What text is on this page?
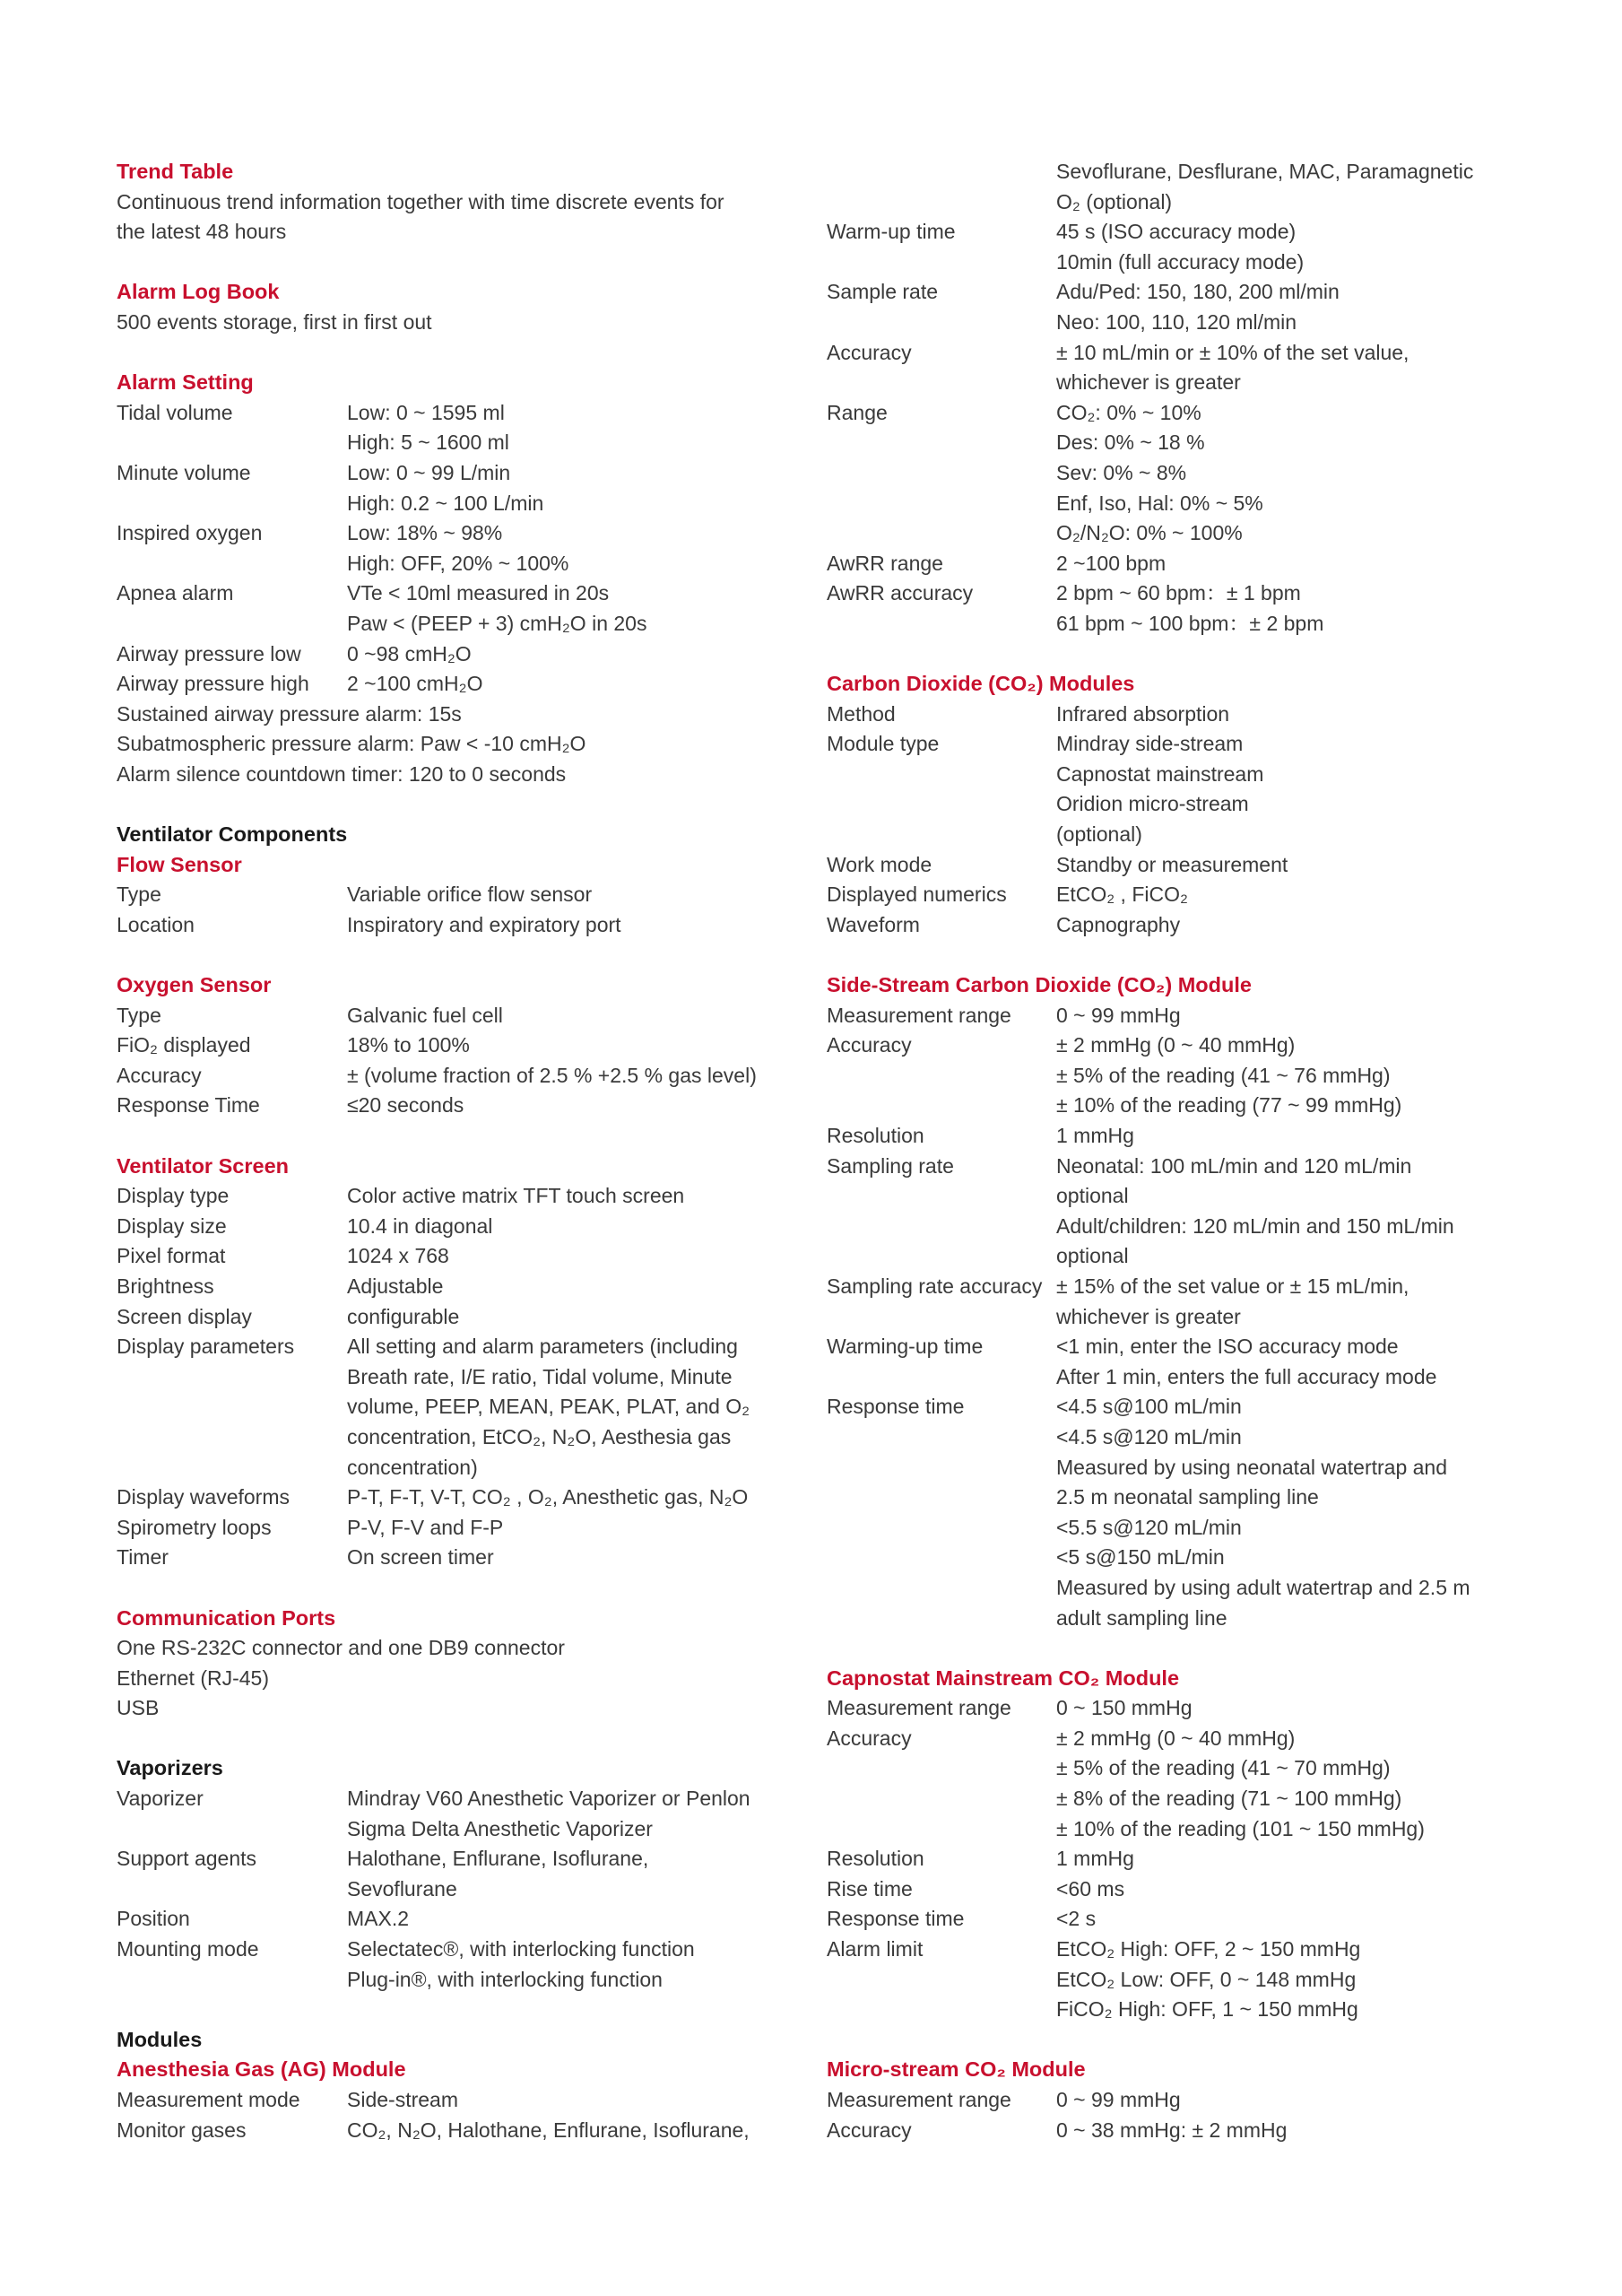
Trend Table
Continuous trend information together with time discrete events for
the latest 48 hours
Alarm Log Book
500 events storage, first in first out
Alarm Setting
Tidal volume	Low: 0 ~ 1595 ml
High: 5 ~ 1600 ml
Minute volume	Low: 0 ~ 99 L/min
High: 0.2 ~ 100 L/min
Inspired oxygen	Low: 18% ~ 98%
High: OFF, 20% ~ 100%
Apnea alarm	VTe < 10ml measured in 20s
Paw < (PEEP + 3) cmH₂O in 20s
Airway pressure low	0 ~98 cmH₂O
Airway pressure high	2 ~100 cmH₂O
Sustained airway pressure alarm: 15s
Subatmospheric pressure alarm: Paw < -10 cmH₂O
Alarm silence countdown timer: 120 to 0 seconds
Ventilator Components
Flow Sensor
Type	Variable orifice flow sensor
Location	Inspiratory and expiratory port
Oxygen Sensor
Type	Galvanic fuel cell
FiO₂ displayed	18% to 100%
Accuracy	± (volume fraction of 2.5 % +2.5 % gas level)
Response Time	≤20 seconds
Ventilator Screen
Display type	Color active matrix TFT touch screen
Display size	10.4 in diagonal
Pixel format	1024 x 768
Brightness	Adjustable
Screen display	configurable
Display parameters	All setting and alarm parameters (including
Breath rate, I/E ratio, Tidal volume, Minute
volume, PEEP, MEAN, PEAK, PLAT, and O₂
concentration, EtCO₂, N₂O, Aesthesia gas
concentration)
Display waveforms	P-T, F-T, V-T, CO₂ , O₂, Anesthetic gas, N₂O
Spirometry loops	P-V, F-V and F-P
Timer	On screen timer
Communication Ports
One RS-232C connector and one DB9 connector
Ethernet (RJ-45)
USB
Vaporizers
Vaporizer	Mindray V60 Anesthetic Vaporizer or Penlon
Sigma Delta Anesthetic Vaporizer
Support agents	Halothane, Enflurane, Isoflurane,
Sevoflurane
Position	MAX.2
Mounting mode	Selectatec®, with interlocking function
Plug-in®, with interlocking function
Modules
Anesthesia Gas (AG) Module
Measurement mode	Side-stream
Monitor gases	CO₂, N₂O, Halothane, Enflurane, Isoflurane,
Sevoflurane, Desflurane, MAC, Paramagnetic
O₂ (optional)
Warm-up time	45 s (ISO accuracy mode)
10min (full accuracy mode)
Sample rate	Adu/Ped: 150, 180, 200 ml/min
Neo: 100, 110, 120 ml/min
Accuracy	± 10 mL/min or ± 10% of the set value,
whichever is greater
Range	CO₂: 0% ~ 10%
Des: 0% ~ 18 %
Sev: 0% ~ 8%
Enf, Iso, Hal: 0% ~ 5%
O₂/N₂O: 0% ~ 100%
AwRR range	2 ~100 bpm
AwRR accuracy	2 bpm ~ 60 bpm：± 1 bpm
61 bpm ~ 100 bpm：± 2 bpm
Carbon Dioxide (CO₂) Modules
Method	Infrared absorption
Module type	Mindray side-stream
Capnostat mainstream
Oridion micro-stream
(optional)
Work mode	Standby or measurement
Displayed numerics	EtCO₂ , FiCO₂
Waveform	Capnography
Side-Stream Carbon Dioxide (CO₂) Module
Measurement range	0 ~ 99 mmHg
Accuracy	± 2 mmHg (0 ~ 40 mmHg)
± 5% of the reading (41 ~ 76 mmHg)
± 10% of the reading (77 ~ 99 mmHg)
Resolution	1 mmHg
Sampling rate	Neonatal: 100 mL/min and 120 mL/min
optional
Adult/children: 120 mL/min and 150 mL/min
optional
Sampling rate accuracy ± 15% of the set value or ± 15 mL/min,
whichever is greater
Warming-up time	<1 min, enter the ISO accuracy mode
After 1 min, enters the full accuracy mode
Response time	<4.5 s@100 mL/min
<4.5 s@120 mL/min
Measured by using neonatal watertrap and
2.5 m neonatal sampling line
<5.5 s@120 mL/min
<5 s@150 mL/min
Measured by using adult watertrap and 2.5 m
adult sampling line
Capnostat Mainstream CO₂ Module
Measurement range	0 ~ 150 mmHg
Accuracy	± 2 mmHg (0 ~ 40 mmHg)
± 5% of the reading (41 ~ 70 mmHg)
± 8% of the reading (71 ~ 100 mmHg)
± 10% of the reading (101 ~ 150 mmHg)
Resolution	1 mmHg
Rise time	<60 ms
Response time	<2 s
Alarm limit	EtCO₂ High: OFF, 2 ~ 150 mmHg
EtCO₂ Low: OFF, 0 ~ 148 mmHg
FiCO₂ High: OFF, 1 ~ 150 mmHg
Micro-stream CO₂ Module
Measurement range	0 ~ 99 mmHg
Accuracy	0 ~ 38 mmHg: ± 2 mmHg
